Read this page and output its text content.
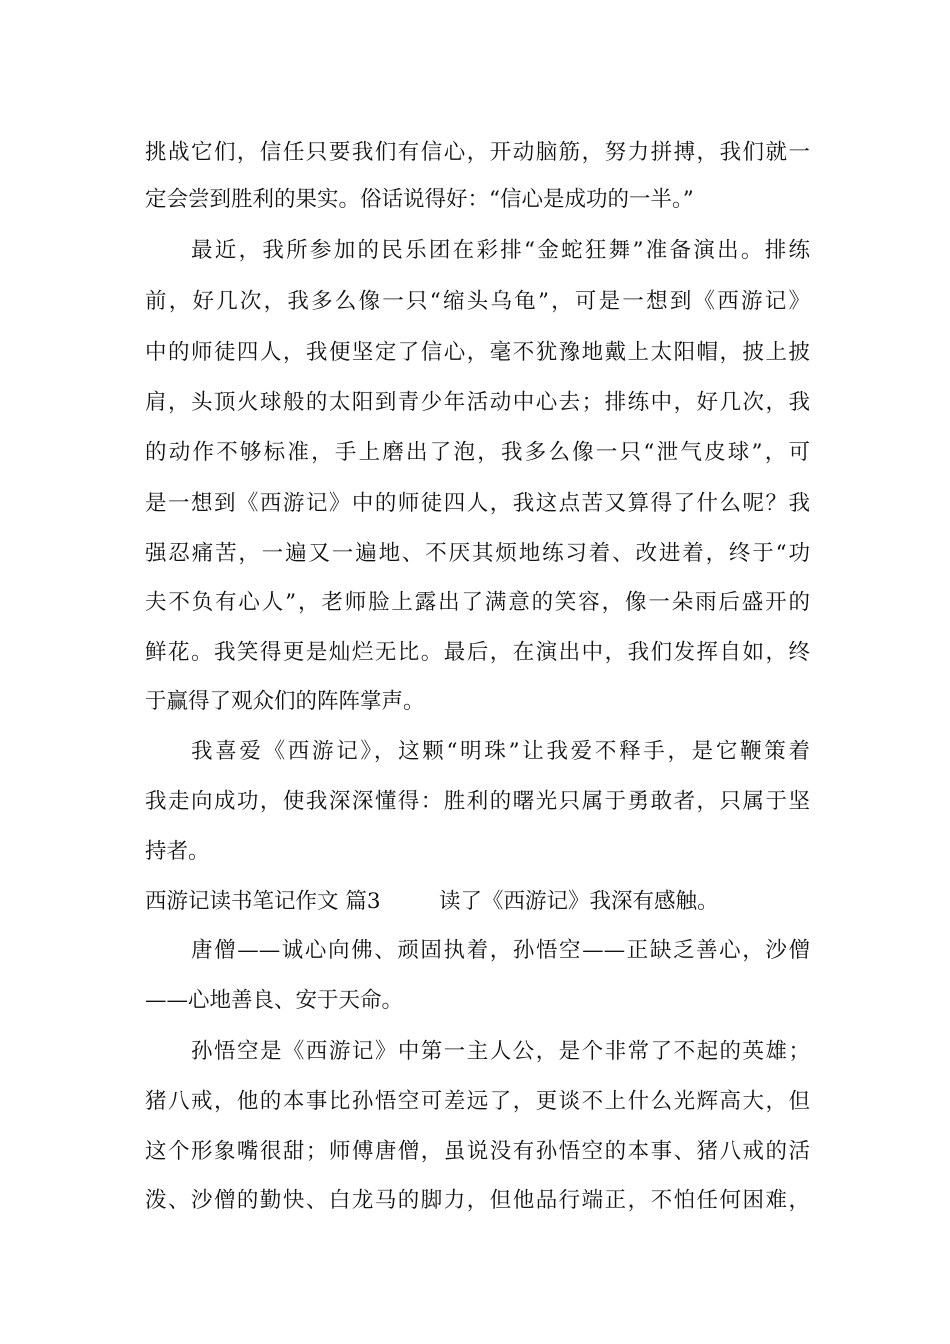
挑战它们，信任只要我们有信心，开动脑筋，努力拼搏，我们就一
定会尝到胜利的果实。俗话说得好：“信心是成功的一半。”
最近，我所参加的民乐团在彩排“金蛇狂舞”准备演出。排练
前，好几次，我多么像一只“缩头乌龟”，可是一想到《西游记》
中的师徒四人，我便坚定了信心，毫不犹豫地戴上太阳帽，披上披
肩，头顶火球般的太阳到青少年活动中心去；排练中，好几次，我
的动作不够标准，手上磨出了泡，我多么像一只“泄气皮球”，可
是一想到《西游记》中的师徒四人，我这点苦又算得了什么呢？我
强忍痛苦，一遍又一遍地、不厌其烦地练习着、改进着，终于“功
夫不负有心人”，老师脸上露出了满意的笑容，像一朵雨后盛开的
鲜花。我笑得更是灿烂无比。最后，在演出中，我们发挥自如，终
于赢得了观众们的阵阵掌声。
我喜爱《西游记》，这颗“明珠”让我爱不释手，是它鞭策着
我走向成功，使我深深懂得：胜利的曙光只属于勇敢者，只属于坚
持者。
西游记读书笔记作文 篇3	读了《西游记》我深有感触。
唐僧——诚心向佛、顽固执着，孙悟空——正缺乏善心，沙僧
——心地善良、安于天命。
孙悟空是《西游记》中第一主人公，是个非常了不起的英雄；
猪八戒，他的本事比孙悟空可差远了，更谈不上什么光辉高大，但
这个形象嘴很甜；师傅唐僧，虽说没有孙悟空的本事、猪八戒的活
泼、沙僧的勤快、白龙马的脚力，但他品行端正，不怕任何困难，
